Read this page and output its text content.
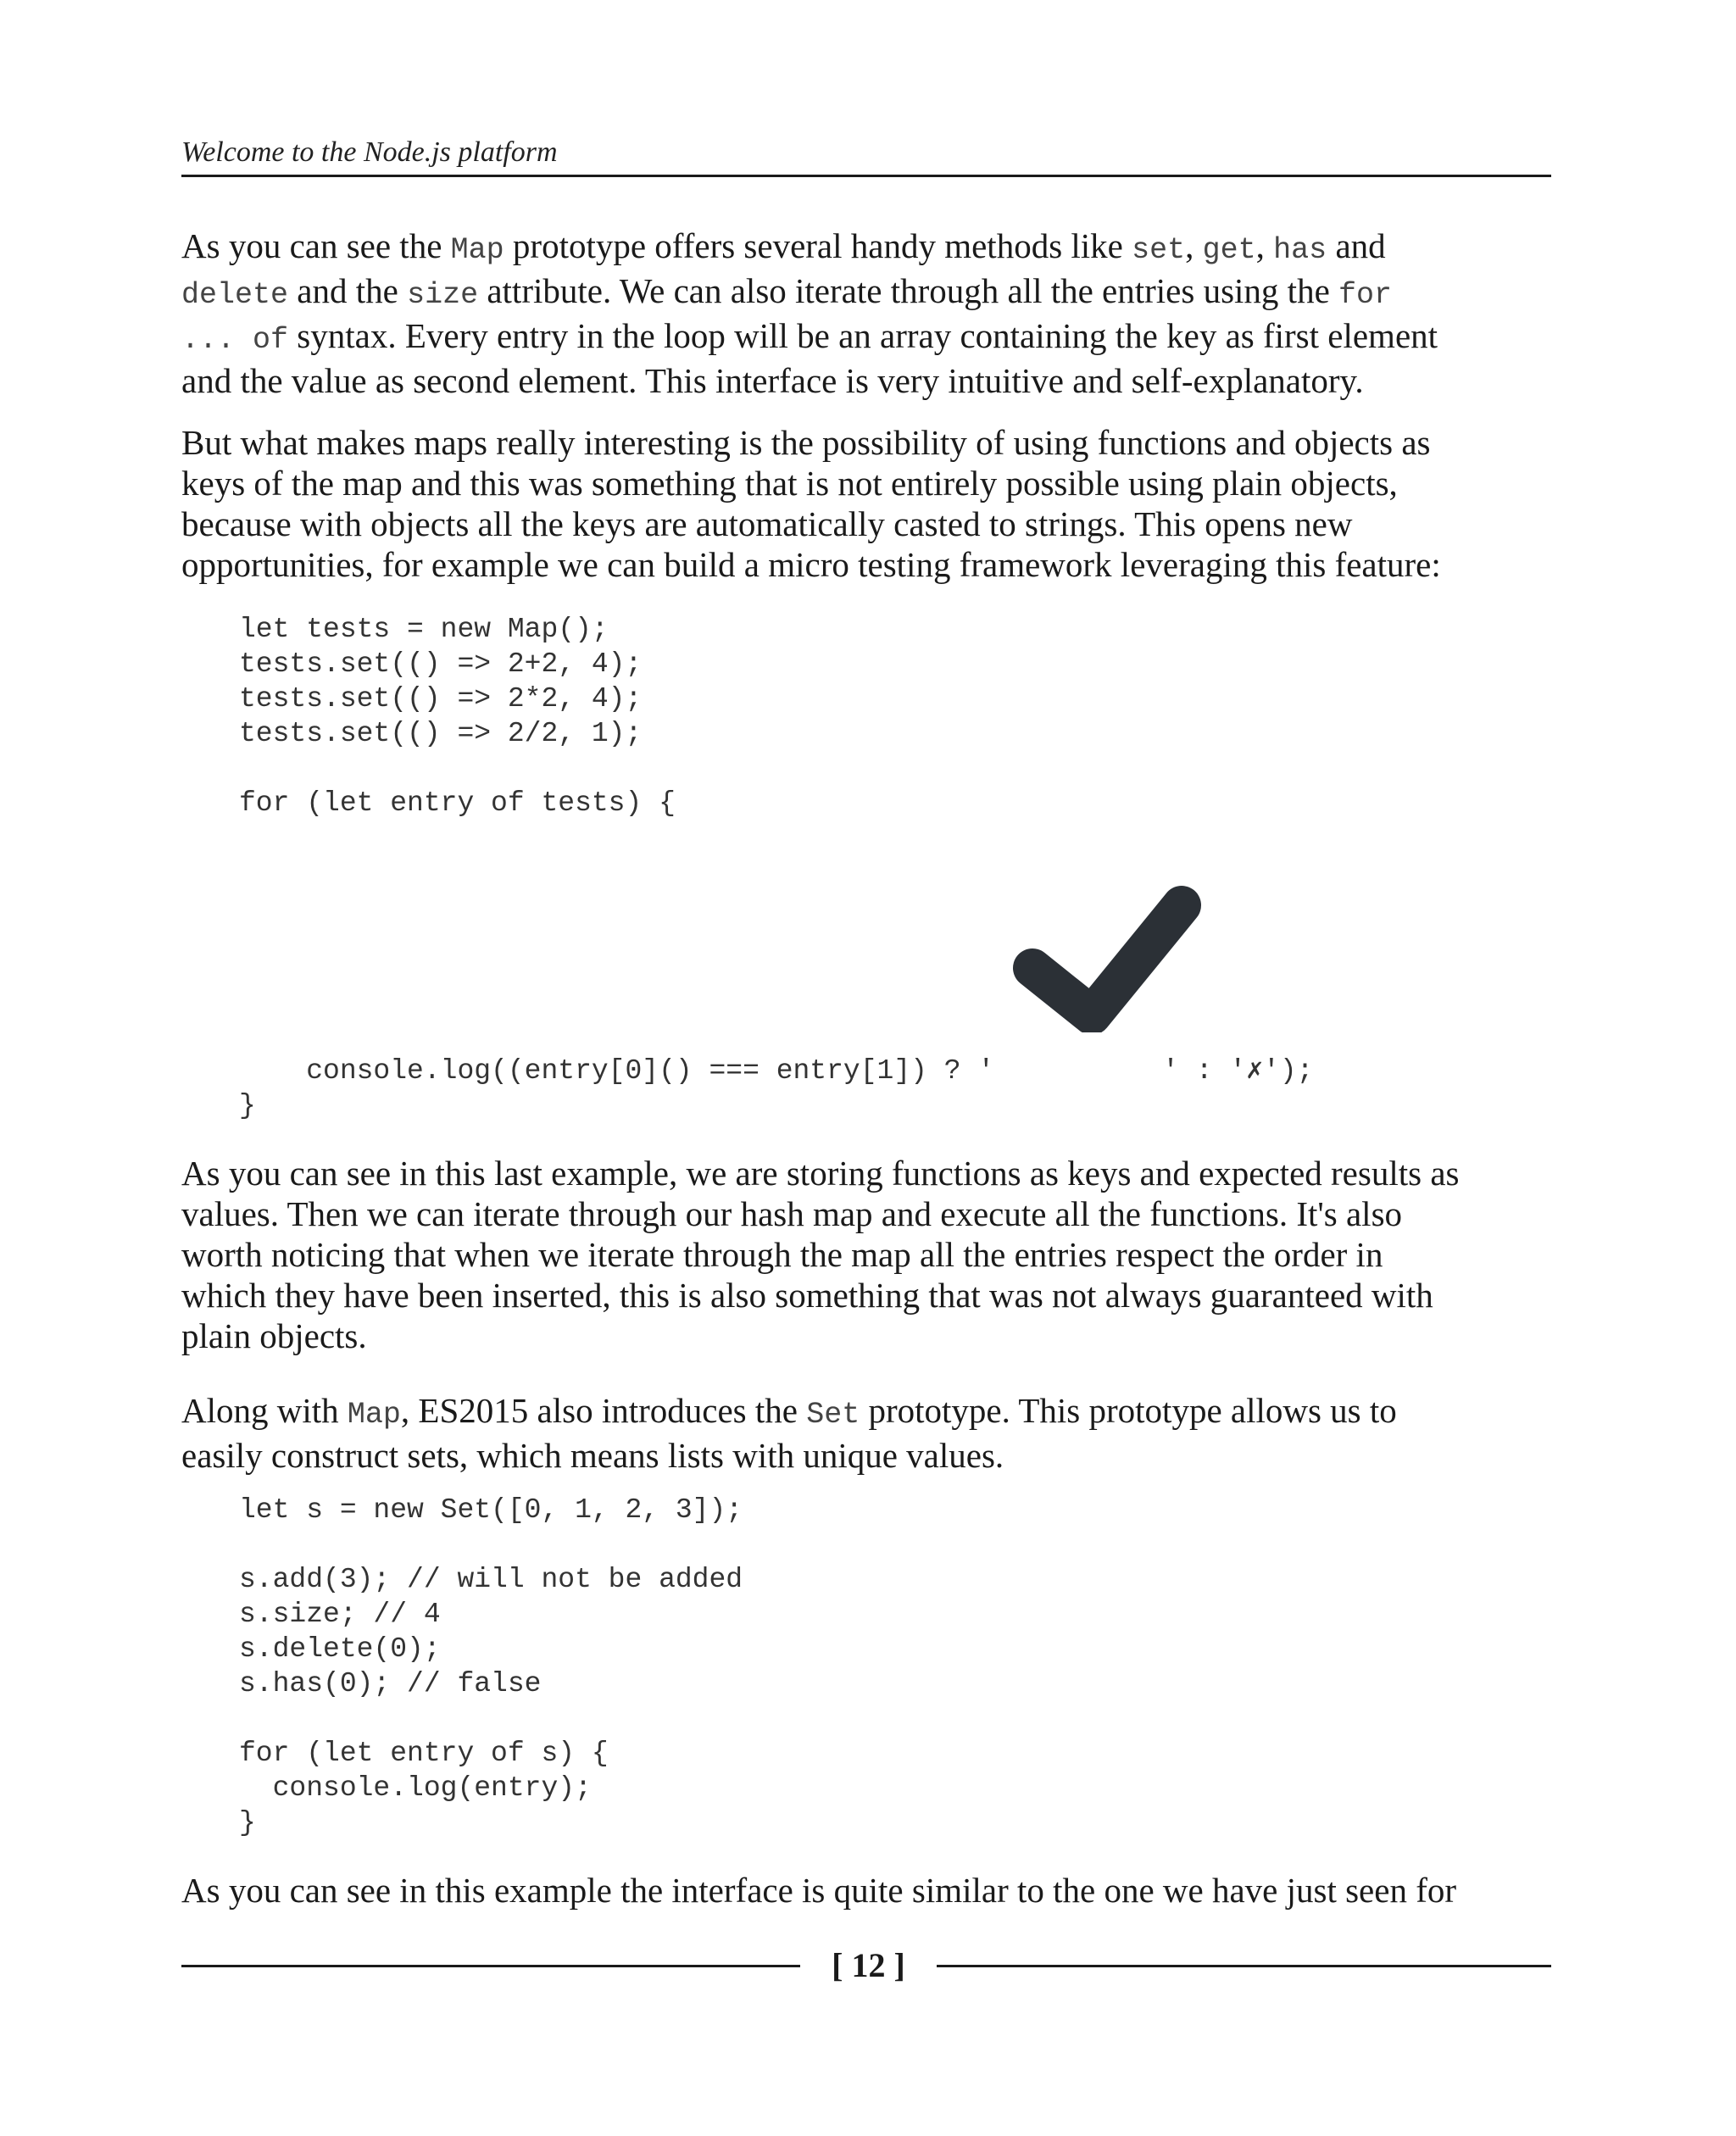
Welcome to the Node.js platform

As you can see the Map prototype offers several handy methods like set, get, has and
delete and the size attribute. We can also iterate through all the entries using the for
... of syntax. Every entry in the loop will be an array containing the key as first element
and the value as second element. This interface is very intuitive and self-explanatory.

But what makes maps really interesting is the possibility of using functions and objects as
keys of the map and this was something that is not entirely possible using plain objects,
because with objects all the keys are automatically casted to strings. This opens new
opportunities, for example we can build a micro testing framework leveraging this feature:

let tests = new Map();
tests.set(() => 2+2, 4);
tests.set(() => 2*2, 4);
tests.set(() => 2/2, 1);
for (let entry of tests) {
console.log((entry[0]() === entry[1]) ? '          ' : '✗');
}

As you can see in this last example, we are storing functions as keys and expected results as
values. Then we can iterate through our hash map and execute all the functions. It's also
worth noticing that when we iterate through the map all the entries respect the order in
which they have been inserted, this is also something that was not always guaranteed with
plain objects.

Along with Map, ES2015 also introduces the Set prototype. This prototype allows us to
easily construct sets, which means lists with unique values.

let s = new Set([0, 1, 2, 3]);
s.add(3); // will not be added
s.size; // 4
s.delete(0);
s.has(0); // false
for (let entry of s) {
console.log(entry);
}

As you can see in this example the interface is quite similar to the one we have just seen for

[ 12 ]
